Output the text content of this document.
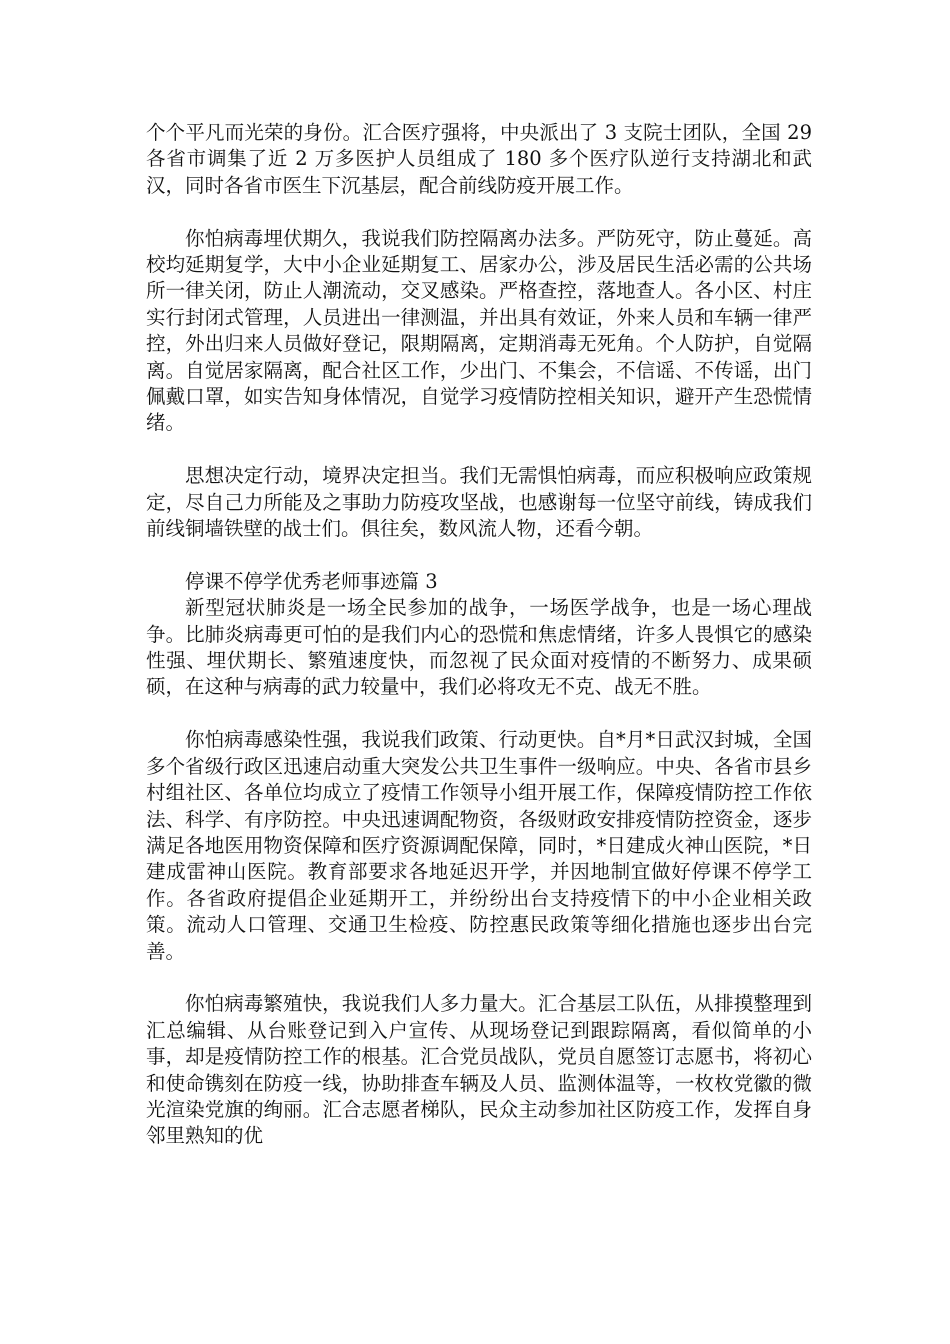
个个平凡而光荣的身份。汇合医疗强将，中央派出了 3 支院士团队，全国 29 各省市调集了近 2 万多医护人员组成了 180 多个医疗队逆行支持湖北和武汉，同时各省市医生下沉基层，配合前线防疫开展工作。

你怕病毒埋伏期久，我说我们防控隔离办法多。严防死守，防止蔓延。高校均延期复学，大中小企业延期复工、居家办公，涉及居民生活必需的公共场所一律关闭，防止人潮流动，交叉感染。严格查控，落地查人。各小区、村庄实行封闭式管理，人员进出一律测温，并出具有效证，外来人员和车辆一律严控，外出归来人员做好登记，限期隔离，定期消毒无死角。个人防护，自觉隔离。自觉居家隔离，配合社区工作，少出门、不集会，不信谣、不传谣，出门佩戴口罩，如实告知身体情况，自觉学习疫情防控相关知识，避开产生恐慌情绪。

思想决定行动，境界决定担当。我们无需惧怕病毒，而应积极响应政策规定，尽自己力所能及之事助力防疫攻坚战，也感谢每一位坚守前线，铸成我们前线铜墙铁壁的战士们。俱往矣，数风流人物，还看今朝。

停课不停学优秀老师事迹篇 3

新型冠状肺炎是一场全民参加的战争，一场医学战争，也是一场心理战争。比肺炎病毒更可怕的是我们内心的恐慌和焦虑情绪，许多人畏惧它的感染性强、埋伏期长、繁殖速度快，而忽视了民众面对疫情的不断努力、成果硕硕，在这种与病毒的武力较量中，我们必将攻无不克、战无不胜。

你怕病毒感染性强，我说我们政策、行动更快。自*月*日武汉封城，全国多个省级行政区迅速启动重大突发公共卫生事件一级响应。中央、各省市县乡村组社区、各单位均成立了疫情工作领导小组开展工作，保障疫情防控工作依法、科学、有序防控。中央迅速调配物资，各级财政安排疫情防控资金，逐步满足各地医用物资保障和医疗资源调配保障，同时，*日建成火神山医院，*日建成雷神山医院。教育部要求各地延迟开学，并因地制宜做好停课不停学工作。各省政府提倡企业延期开工，并纷纷出台支持疫情下的中小企业相关政策。流动人口管理、交通卫生检疫、防控惠民政策等细化措施也逐步出台完善。

你怕病毒繁殖快，我说我们人多力量大。汇合基层工队伍，从排摸整理到汇总编辑、从台账登记到入户宣传、从现场登记到跟踪隔离，看似简单的小事，却是疫情防控工作的根基。汇合党员战队，党员自愿签订志愿书，将初心和使命镌刻在防疫一线，协助排查车辆及人员、监测体温等，一枚枚党徽的微光渲染党旗的绚丽。汇合志愿者梯队，民众主动参加社区防疫工作，发挥自身邻里熟知的优
